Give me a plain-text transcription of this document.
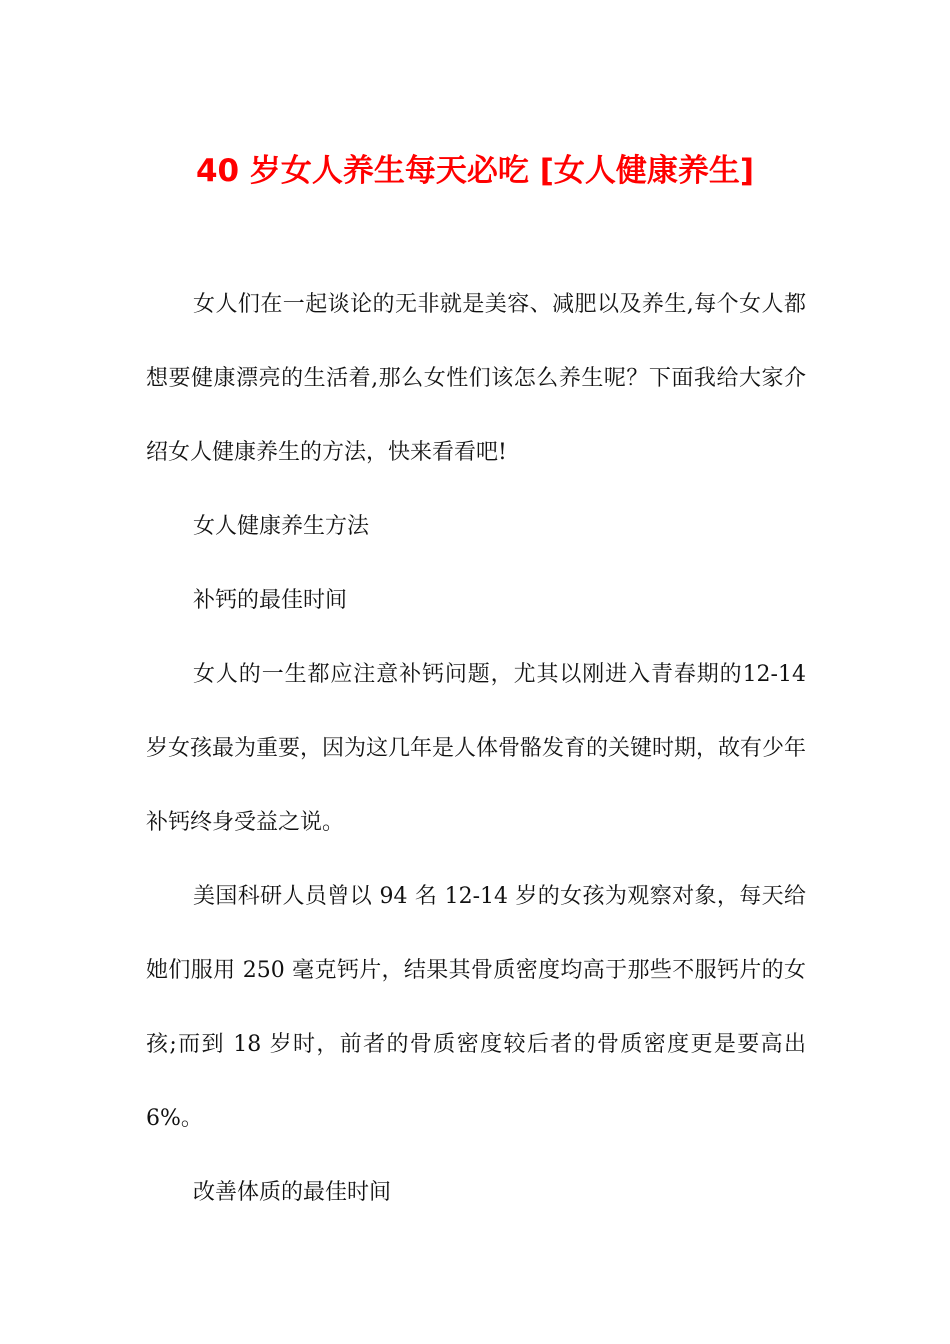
40 岁女人养生每天必吃 [女人健康养生]

女人们在一起谈论的无非就是美容、减肥以及养生,每个女人都想要健康漂亮的生活着,那么女性们该怎么养生呢？下面我给大家介绍女人健康养生的方法，快来看看吧!

女人健康养生方法

补钙的最佳时间

女人的一生都应注意补钙问题，尤其以刚进入青春期的12-14 岁女孩最为重要，因为这几年是人体骨骼发育的关键时期，故有少年补钙终身受益之说。

美国科研人员曾以 94 名 12-14 岁的女孩为观察对象，每天给她们服用 250 毫克钙片，结果其骨质密度均高于那些不服钙片的女孩;而到 18 岁时，前者的骨质密度较后者的骨质密度更是要高出 6%。

改善体质的最佳时间
